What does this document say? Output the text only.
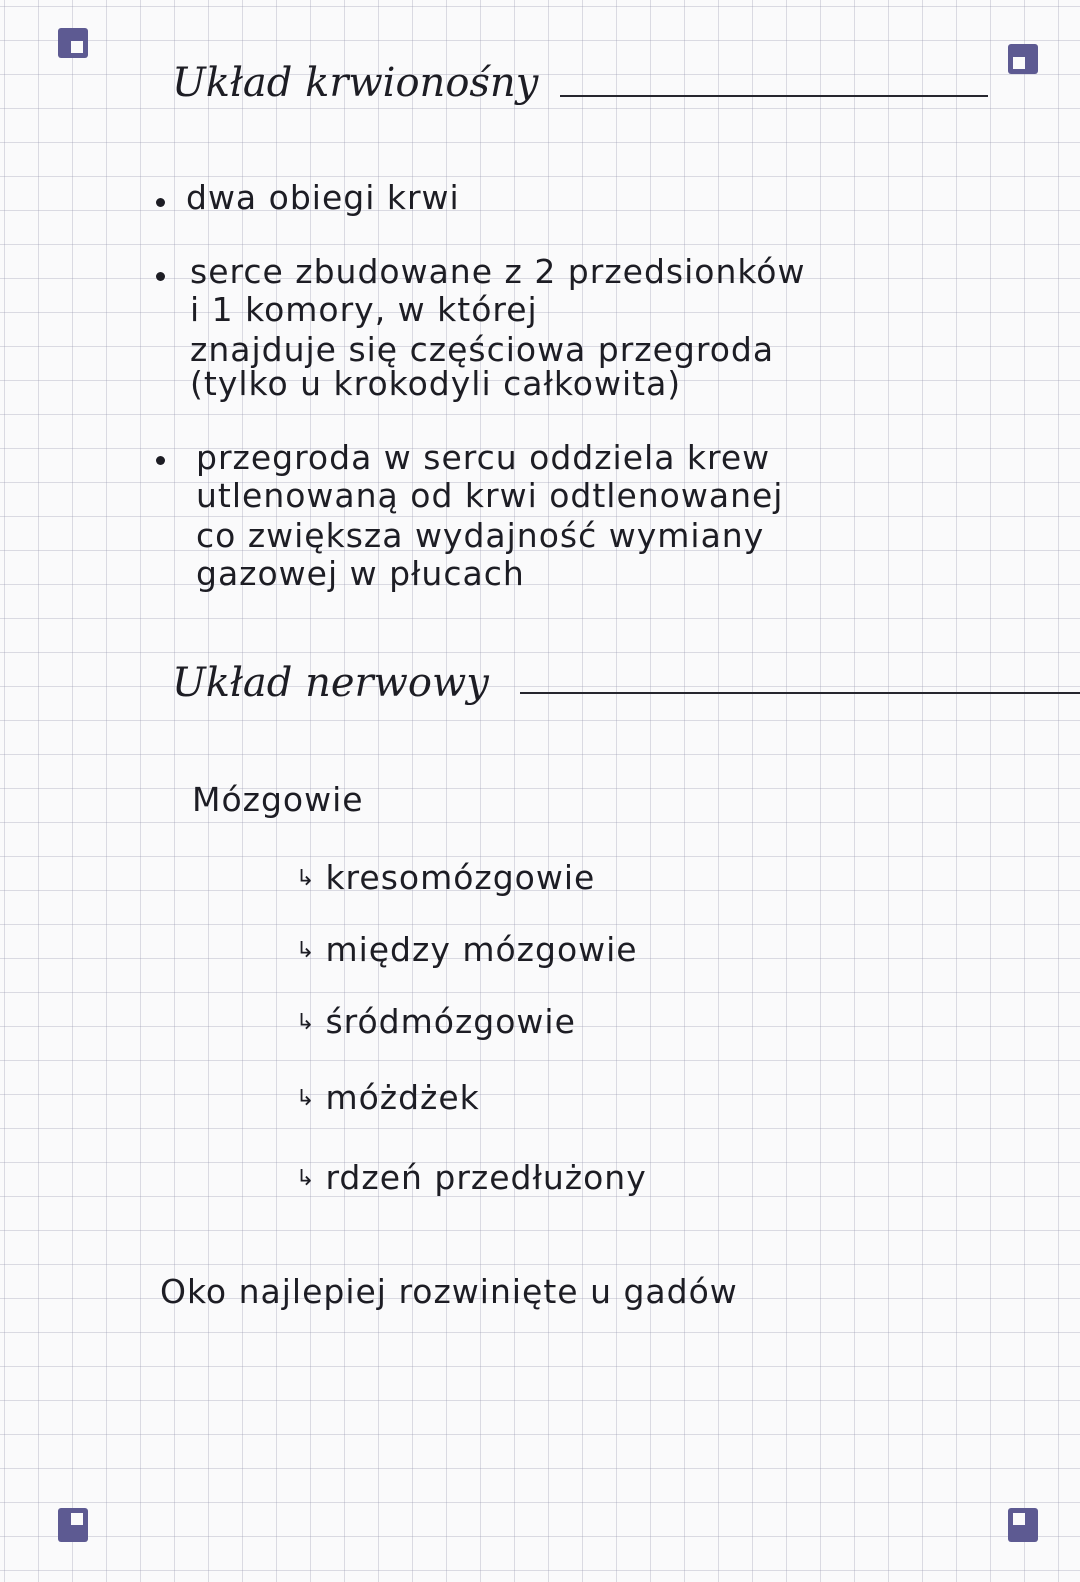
Układ krwionośny
dwa obiegi krwi
serce zbudowane z 2 przedsionków
i 1 komory, w której
znajduje się częściowa przegroda
(tylko u krokodyli całkowita)
przegroda w sercu oddziela krew
utlenowaną od krwi odtlenowanej
co zwiększa wydajność wymiany
gazowej w płucach
Układ nerwowy
Mózgowie
↳ kresomózgowie
↳ między mózgowie
↳ śródmózgowie
↳ móżdżek
↳ rdzeń przedłużony
Oko najlepiej rozwinięte u gadów
